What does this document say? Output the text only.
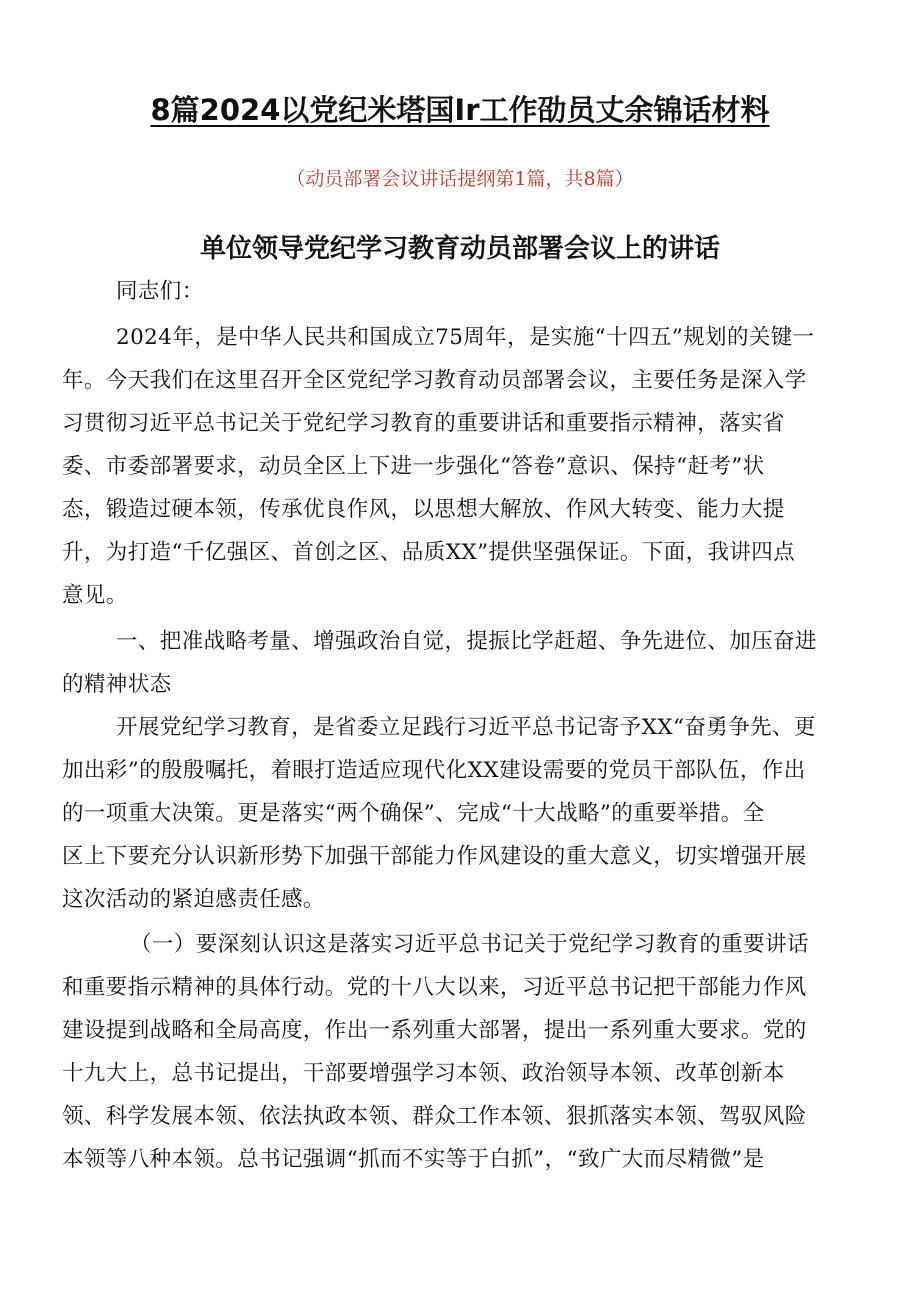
8篇2024以党纪米塔国Ir工作劭员丈余锦话材料
（动员部署会议讲话提纲第1篇，共8篇）
单位领导党纪学习教育动员部署会议上的讲话
同志们：
2024年，是中华人民共和国成立75周年，是实施“十四五”规划的关键一
年。今天我们在这里召开全区党纪学习教育动员部署会议，主要任务是深入学
习贯彻习近平总书记关于党纪学习教育的重要讲话和重要指示精神，落实省
委、市委部署要求，动员全区上下进一步强化“答卷”意识、保持“赶考”状
态，锻造过硬本领，传承优良作风，以思想大解放、作风大转变、能力大提
升，为打造“千亿强区、首创之区、品质XX”提供坚强保证。下面，我讲四点
意见。
一、把准战略考量、增强政治自觉，提振比学赶超、争先进位、加压奋进
的精神状态
开展党纪学习教育，是省委立足践行习近平总书记寄予XX“奋勇争先、更
加出彩”的殷殷嘱托，着眼打造适应现代化XX建设需要的党员干部队伍，作出
的一项重大决策。更是落实“两个确保”、完成“十大战略”的重要举措。全
区上下要充分认识新形势下加强干部能力作风建设的重大意义，切实增强开展
这次活动的紧迫感责任感。
（一）要深刻认识这是落实习近平总书记关于党纪学习教育的重要讲话
和重要指示精神的具体行动。党的十八大以来，习近平总书记把干部能力作风
建设提到战略和全局高度，作出一系列重大部署，提出一系列重大要求。党的
十九大上，总书记提出，干部要增强学习本领、政治领导本领、改革创新本
领、科学发展本领、依法执政本领、群众工作本领、狠抓落实本领、驾驭风险
本领等八种本领。总书记强调“抓而不实等于白抓”，“致广大而尽精微”是
